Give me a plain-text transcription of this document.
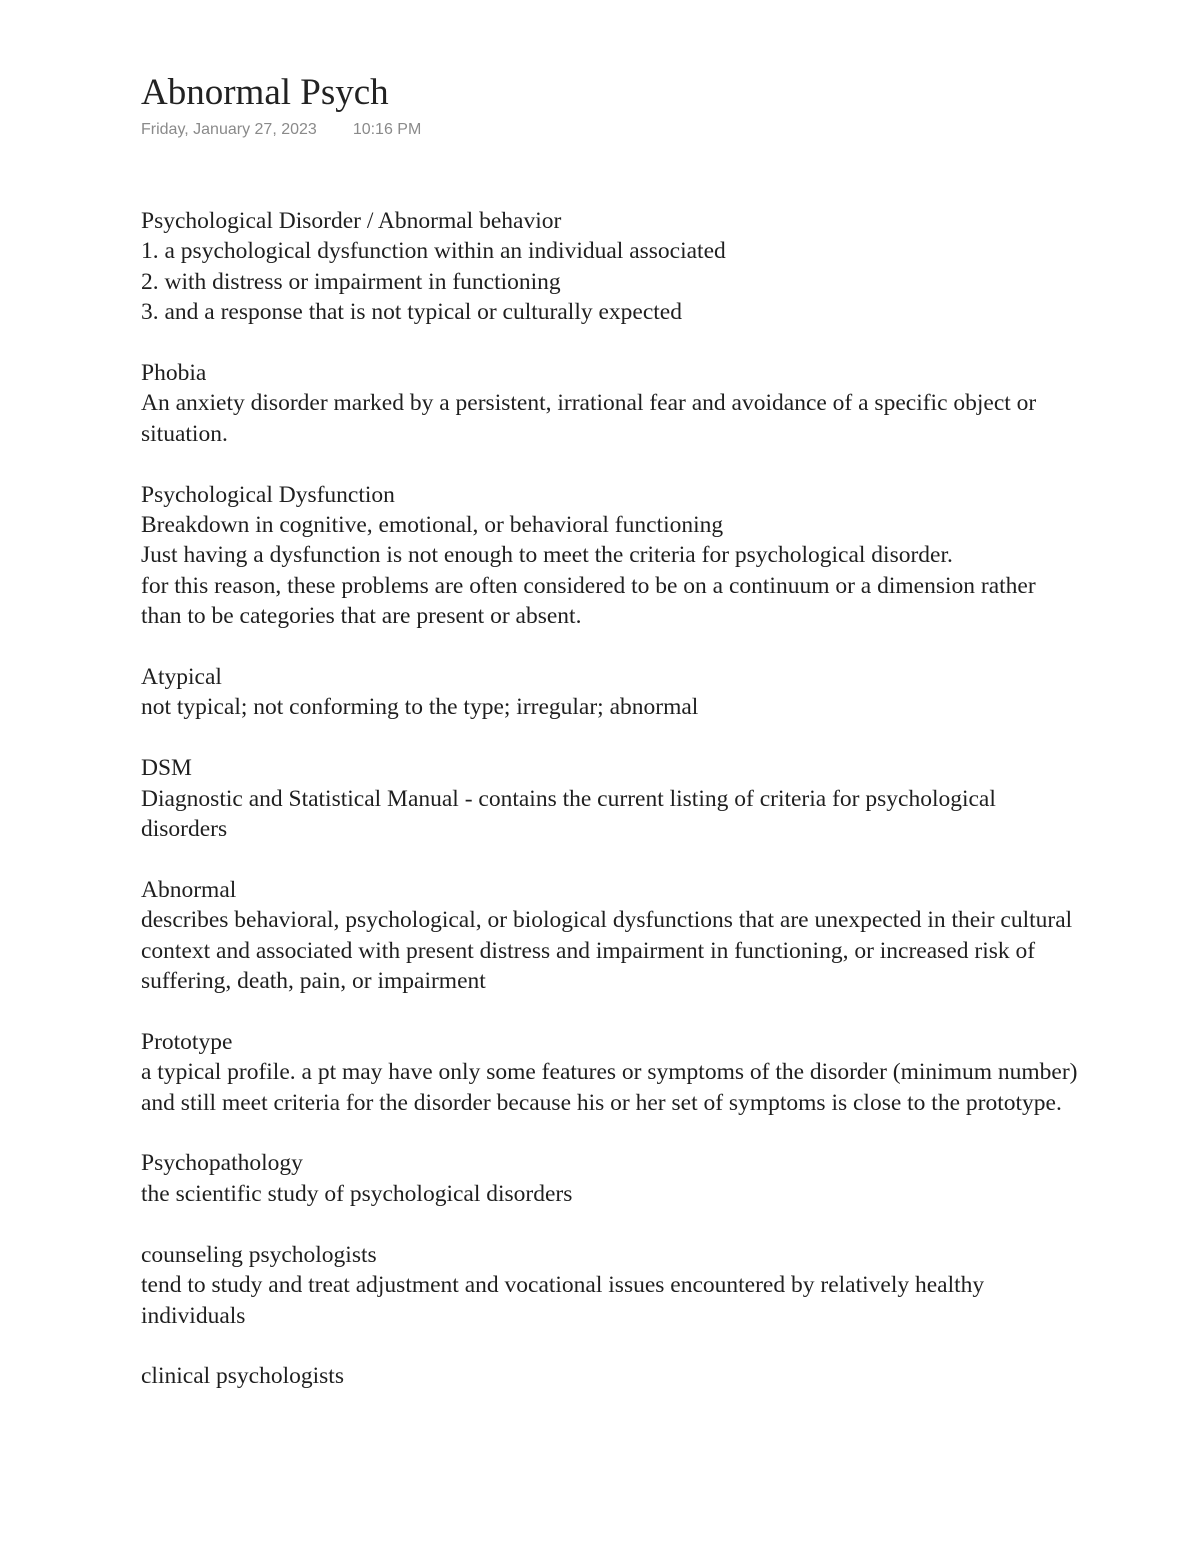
Abnormal Psych
Friday, January 27, 2023 10:16 PM
Psychological Disorder / Abnormal behavior
1. a psychological dysfunction within an individual associated
2. with distress or impairment in functioning
3. and a response that is not typical or culturally expected
Phobia
An anxiety disorder marked by a persistent, irrational fear and avoidance of a specific object or situation.
Psychological Dysfunction
Breakdown in cognitive, emotional, or behavioral functioning
Just having a dysfunction is not enough to meet the criteria for psychological disorder.
for this reason, these problems are often considered to be on a continuum or a dimension rather than to be categories that are present or absent.
Atypical
not typical; not conforming to the type; irregular; abnormal
DSM
Diagnostic and Statistical Manual - contains the current listing of criteria for psychological disorders
Abnormal
describes behavioral, psychological, or biological dysfunctions that are unexpected in their cultural context and associated with present distress and impairment in functioning, or increased risk of suffering, death, pain, or impairment
Prototype
a typical profile. a pt may have only some features or symptoms of the disorder (minimum number) and still meet criteria for the disorder because his or her set of symptoms is close to the prototype.
Psychopathology
the scientific study of psychological disorders
counseling psychologists
tend to study and treat adjustment and vocational issues encountered by relatively healthy individuals
clinical psychologists
